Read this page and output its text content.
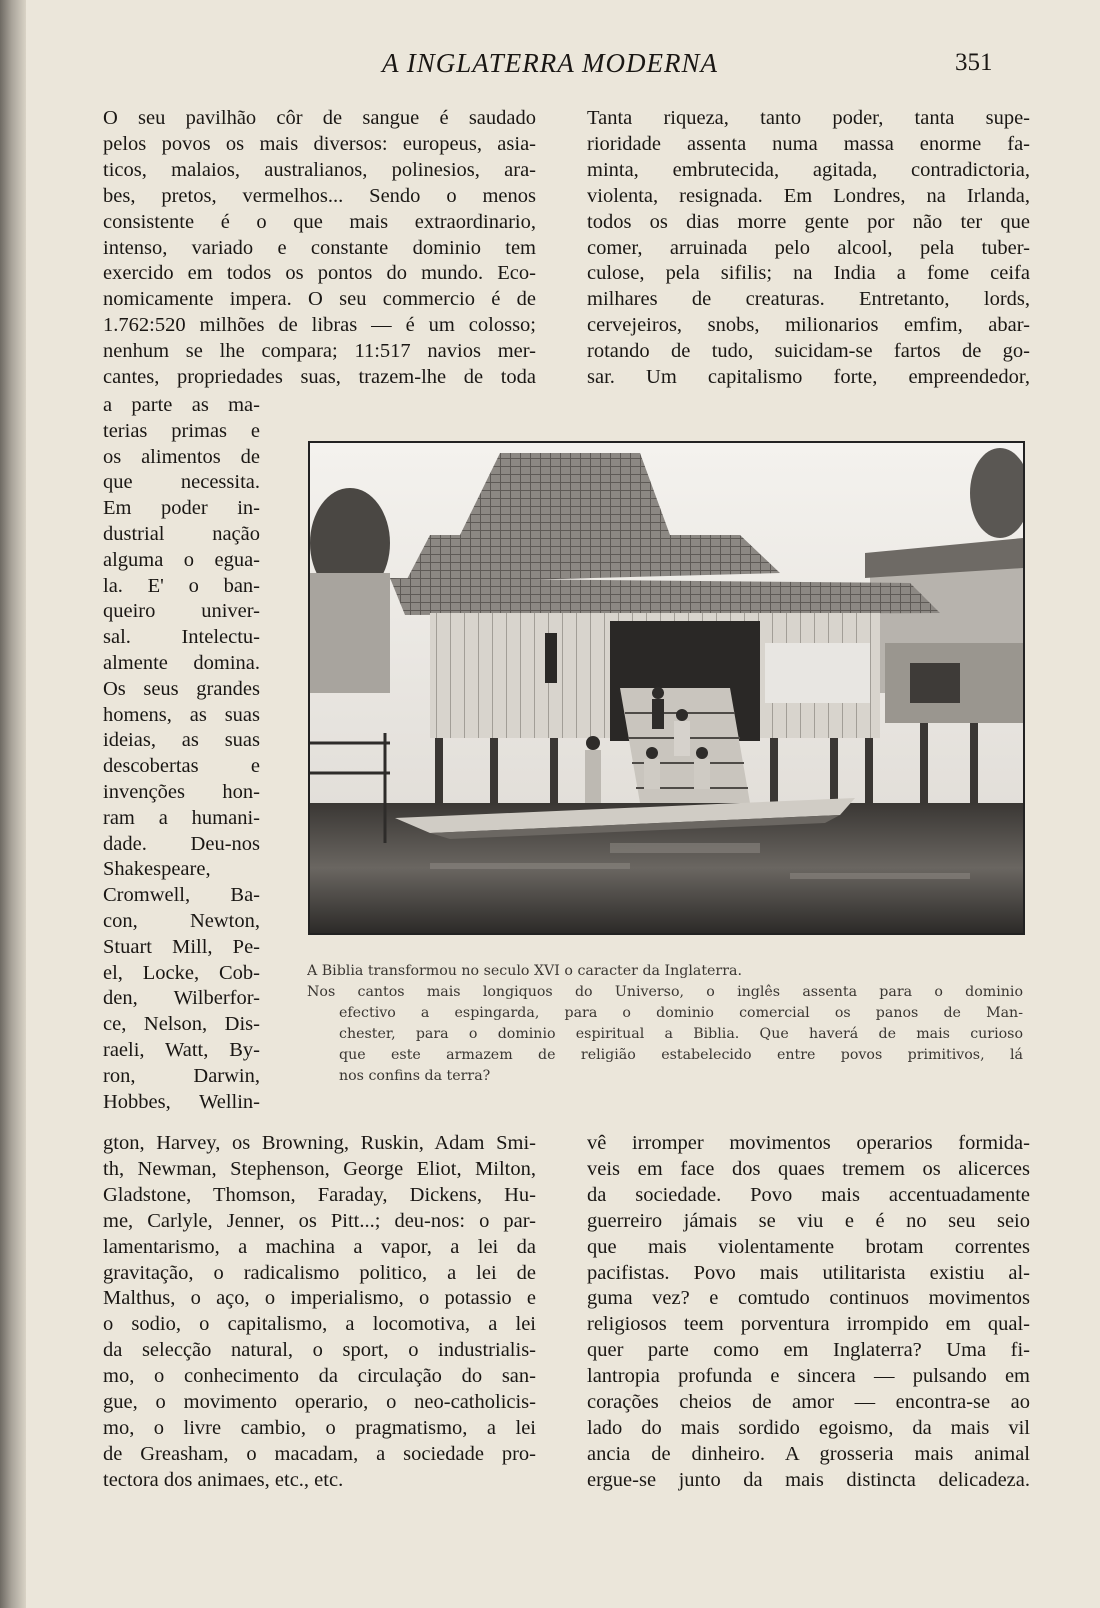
A INGLATERRA MODERNA	351
O seu pavilhão côr de sangue é saudado
pelos povos os mais diversos: europeus, asia-
ticos, malaios, australianos, polinesios, ara-
bes, pretos, vermelhos... Sendo o menos
consistente é o que mais extraordinario,
intenso, variado e constante dominio tem
exercido em todos os pontos do mundo. Eco-
nomicamente impera. O seu commercio é de
1.762:520 milhões de libras — é um colosso;
nenhum se lhe compara; 11:517 navios mer-
cantes, propriedades suas, trazem-lhe de toda
a parte as ma-
terias primas e
os alimentos de
que necessita.
Em poder in-
dustrial nação
alguma o egua-
la. E' o ban-
queiro univer-
sal. Intelectu-
almente domina.
Os seus grandes
homens, as suas
ideias, as suas
descobertas e
invenções hon-
ram a humani-
dade. Deu-nos
Shakespeare,
Cromwell, Ba-
con, Newton,
Stuart Mill, Pe-
el, Locke, Cob-
den, Wilberfor-
ce, Nelson, Dis-
raeli, Watt, By-
ron, Darwin,
Hobbes, Wellin-
gton, Harvey, os Browning, Ruskin, Adam Smi-
th, Newman, Stephenson, George Eliot, Milton,
Gladstone, Thomson, Faraday, Dickens, Hu-
me, Carlyle, Jenner, os Pitt...; deu-nos: o par-
lamentarismo, a machina a vapor, a lei da
gravitação, o radicalismo politico, a lei de
Malthus, o aço, o imperialismo, o potassio e
o sodio, o capitalismo, a locomotiva, a lei
da selecção natural, o sport, o industrialis-
mo, o conhecimento da circulação do san-
gue, o movimento operario, o neo-catholicis-
mo, o livre cambio, o pragmatismo, a lei
de Greasham, o macadam, a sociedade pro-
tectora dos animaes, etc., etc.
Tanta riqueza, tanto poder, tanta supe-
rioridade assenta numa massa enorme fa-
minta, embrutecida, agitada, contradictoria,
violenta, resignada. Em Londres, na Irlanda,
todos os dias morre gente por não ter que
comer, arruinada pelo alcool, pela tuber-
culose, pela sifilis; na India a fome ceifa
milhares de creaturas. Entretanto, lords,
cervejeiros, snobs, milionarios emfim, abar-
rotando de tudo, suicidam-se fartos de go-
sar. Um capitalismo forte, empreendedor,
vê irromper movimentos operarios formida-
veis em face dos quaes tremem os alicerces
da sociedade. Povo mais accentuadamente
guerreiro jámais se viu e é no seu seio
que mais violentamente brotam correntes
pacifistas. Povo mais utilitarista existiu al-
guma vez? e comtudo continuos movimentos
religiosos teem porventura irrompido em qual-
quer parte como em Inglaterra? Uma fi-
lantropia profunda e sincera — pulsando em
corações cheios de amor — encontra-se ao
lado do mais sordido egoismo, da mais vil
ancia de dinheiro. A grosseria mais animal
ergue-se junto da mais distincta delicadeza.
A Biblia transformou no seculo XVI o caracter da Inglaterra.
Nos cantos mais longiquos do Universo, o inglês assenta para o dominio
efectivo a espingarda, para o dominio comercial os panos de Man-
chester, para o dominio espiritual a Biblia. Que haverá de mais curioso
que este armazem de religião estabelecido entre povos primitivos, lá
nos confins da terra?
